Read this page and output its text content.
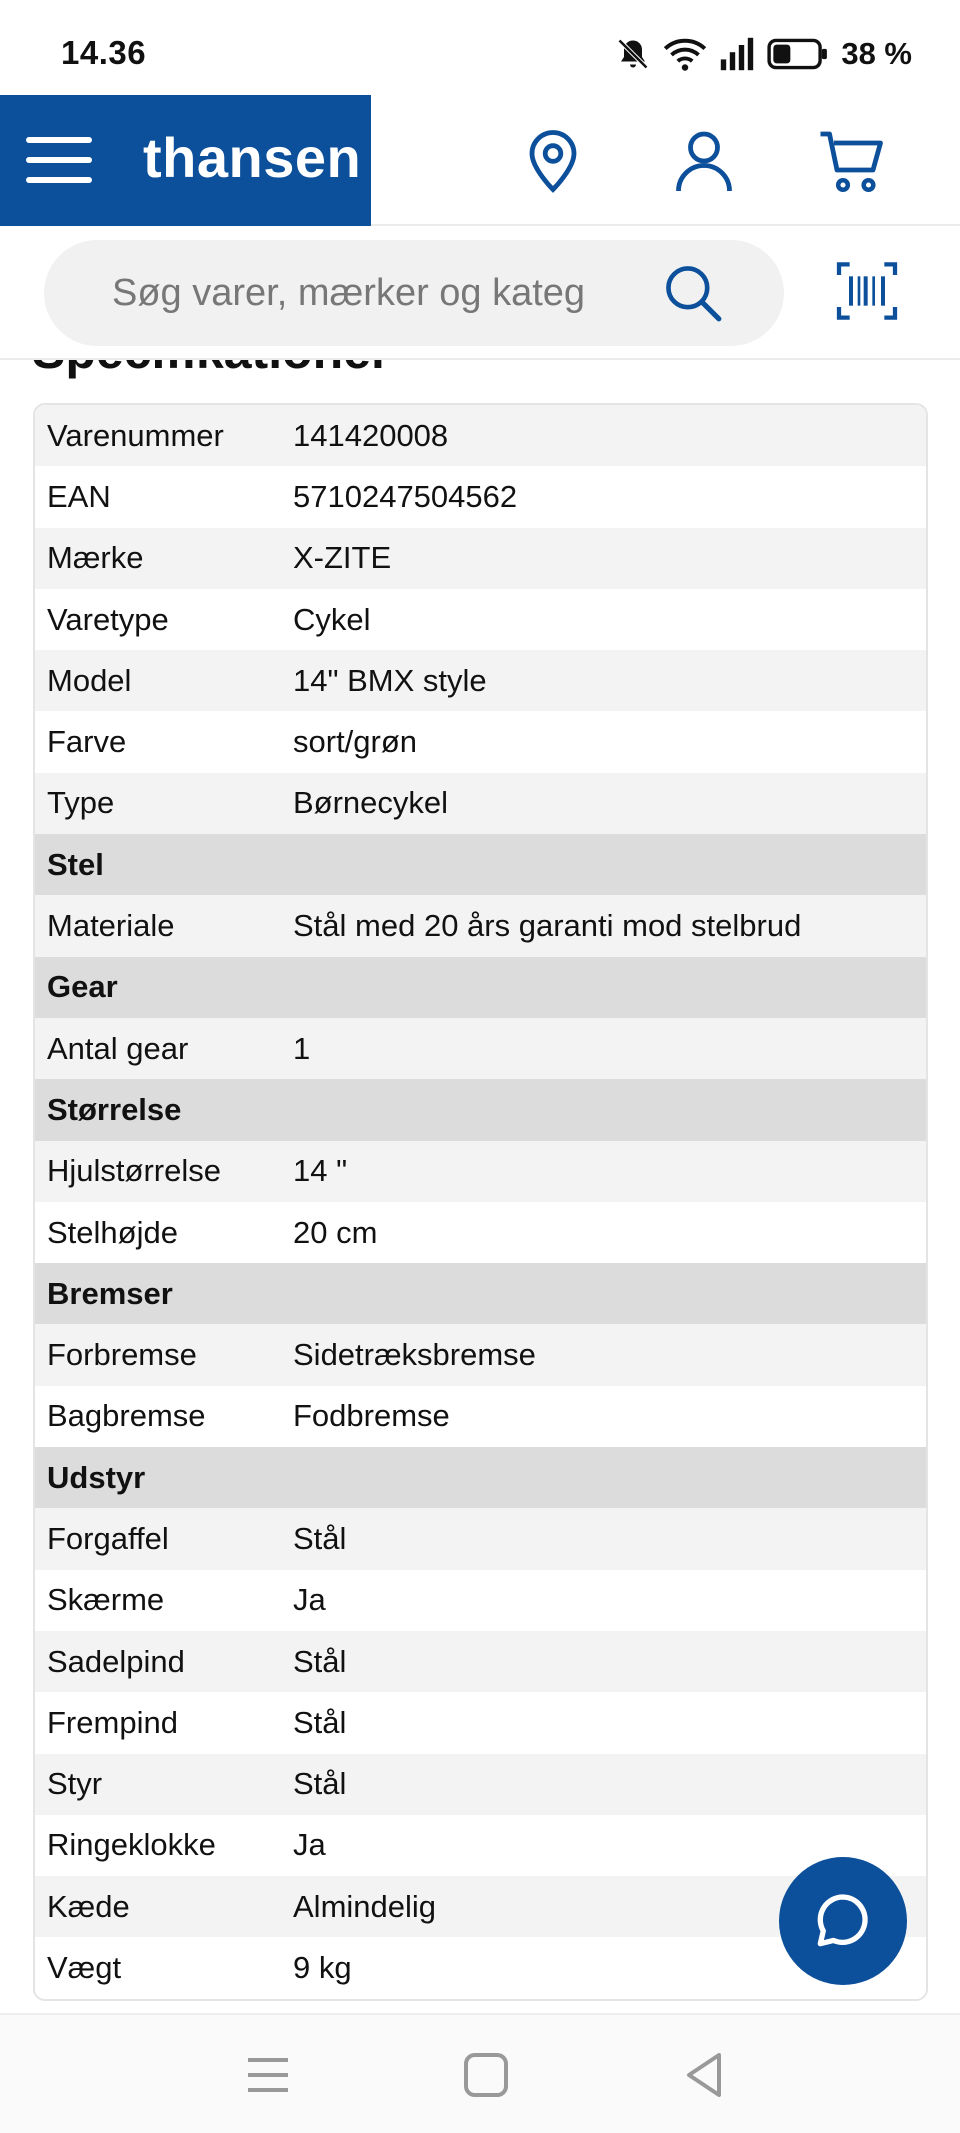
14.36	38 %
thansen
Søg varer, mærker og kateg
Varenummer 141420008
EAN	5710247504562
Mærke	X-ZITE
Varetype	Cykel
Model	14" BMX style
Farve	sort/grøn
Type	Børnecykel
Stel
Materiale	Stål med 20 års garanti mod stelbrud
Gear
Antal gear	1
Størrelse
Hjulstørrelse 14 "
Stelhøjde	20 cm
Bremser
Forbremse	Sidetræksbremse
Bagbremse	Fodbremse
Udstyr
Forgaffel	Stål
Skærme	Ja
Sadelpind	Stål
Frempind	Stål
Styr	Stål
Ringeklokke Ja
Kæde	Almindelig
Vægt	9 kg
